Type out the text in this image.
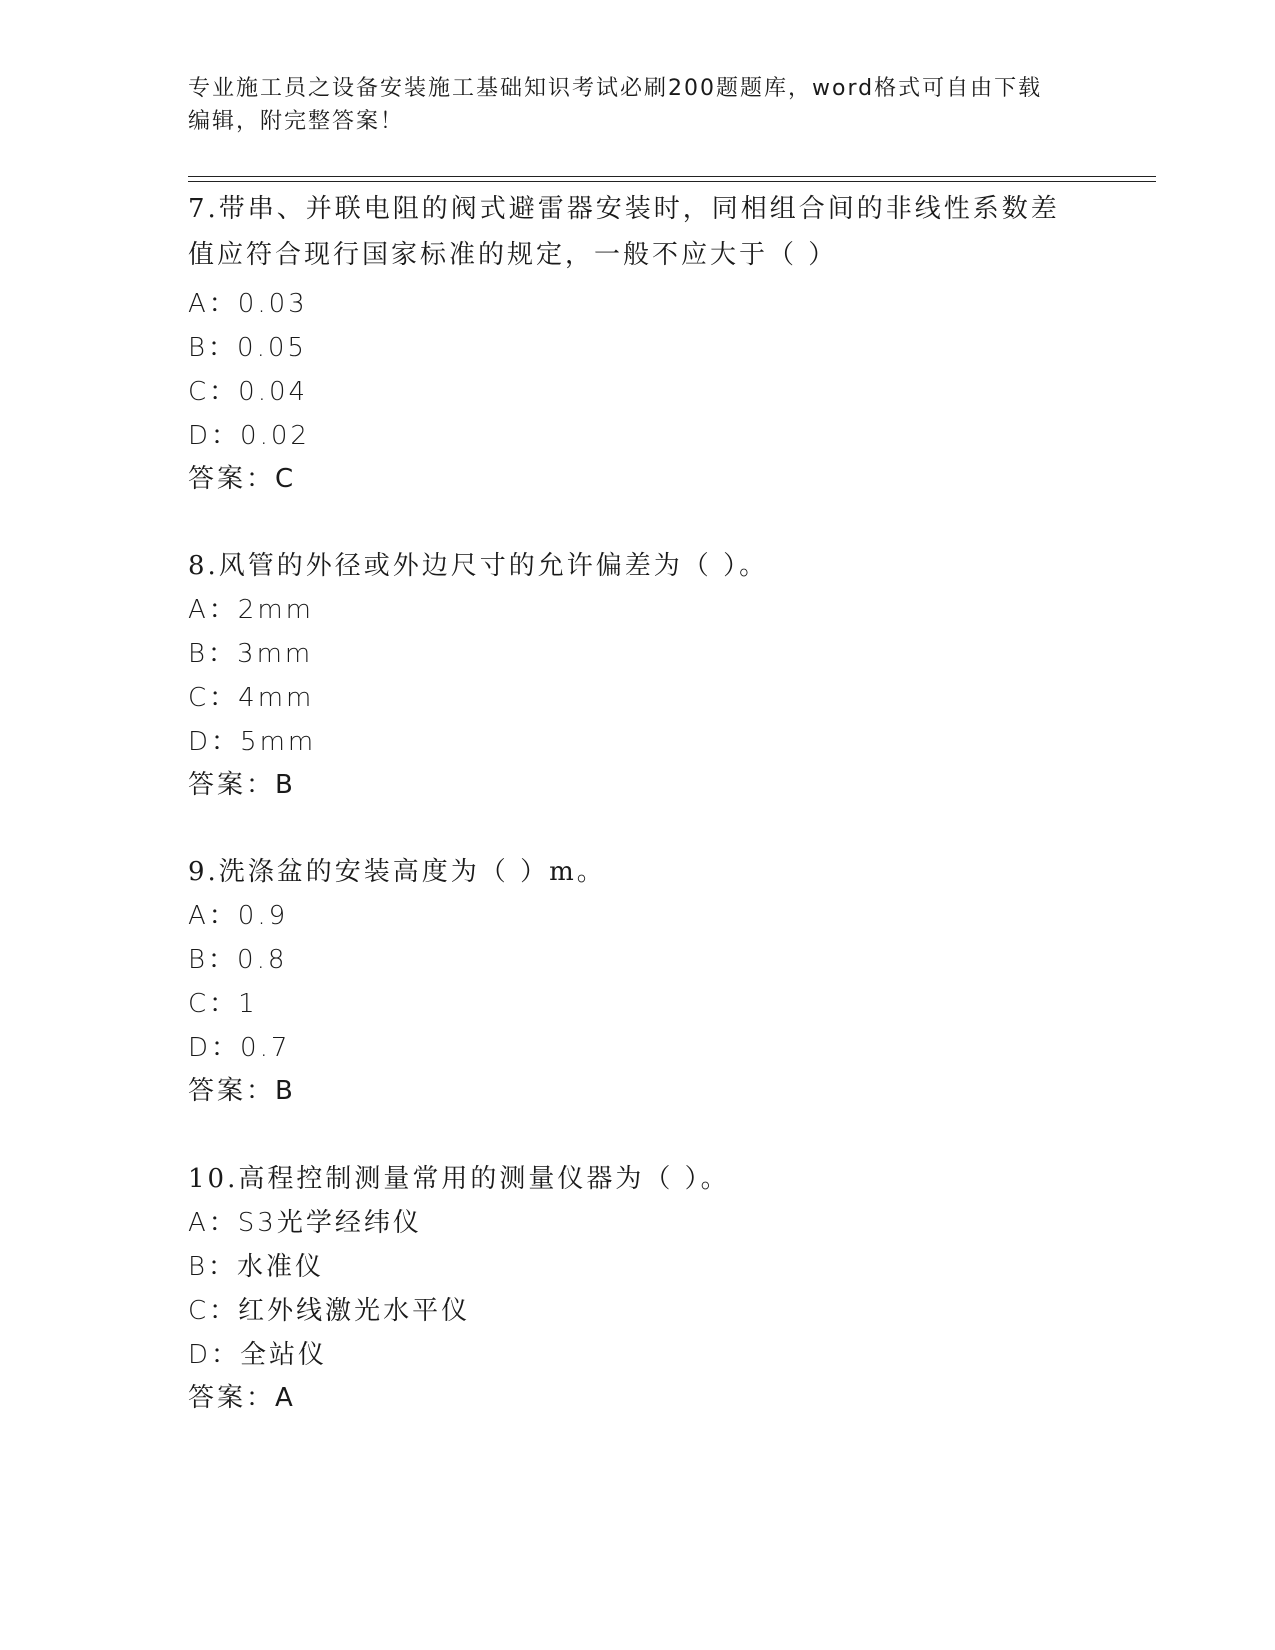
专业施工员之设备安装施工基础知识考试必刷200题题库，word格式可自由下载
编辑，附完整答案！
7.带串、并联电阻的阀式避雷器安装时，同相组合间的非线性系数差
值应符合现行国家标准的规定，一般不应大于（ ）
A：0.03
B：0.05
C：0.04
D：0.02
答案：C
8.风管的外径或外边尺寸的允许偏差为（ ）。
A：2mm
B：3mm
C：4mm
D：5mm
答案：B
9.洗涤盆的安装高度为（ ）m。
A：0.9
B：0.8
C：1
D：0.7
答案：B
10.高程控制测量常用的测量仪器为（ ）。
A：S3光学经纬仪
B：水准仪
C：红外线激光水平仪
D：全站仪
答案：A
